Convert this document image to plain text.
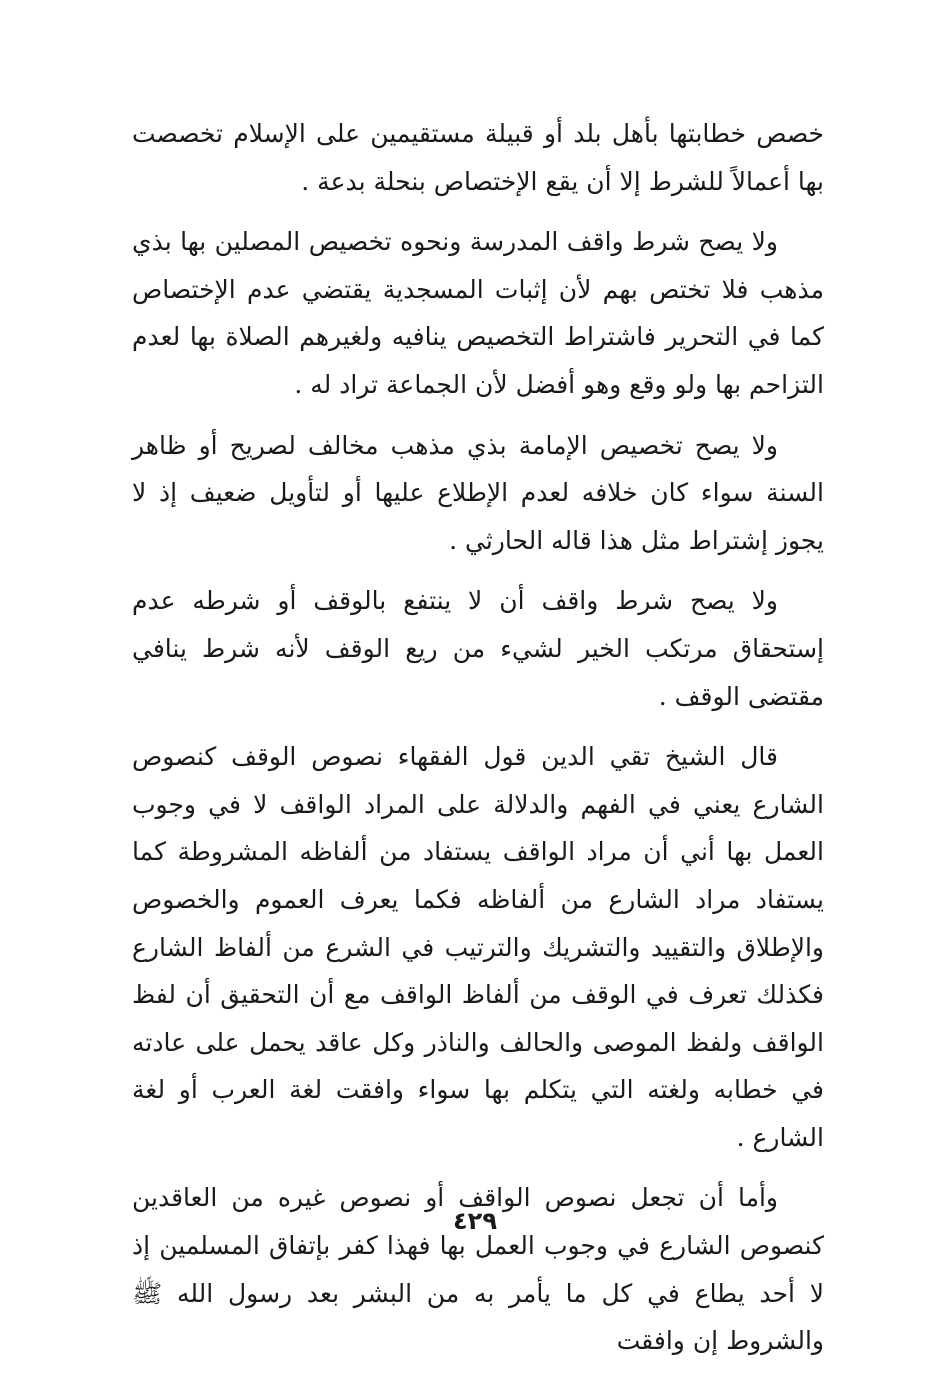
خصص خطابتها بأهل بلد أو قبيلة مستقيمين على الإسلام تخصصت بها أعمالاً للشرط إلا أن يقع الإختصاص بنحلة بدعة .

ولا يصح شرط واقف المدرسة ونحوه تخصيص المصلين بها بذي مذهب فلا تختص بهم لأن إثبات المسجدية يقتضي عدم الإختصاص كما في التحرير فاشتراط التخصيص ينافيه ولغيرهم الصلاة بها لعدم التزاحم بها ولو وقع وهو أفضل لأن الجماعة تراد له .

ولا يصح تخصيص الإمامة بذي مذهب مخالف لصريح أو ظاهر السنة سواء كان خلافه لعدم الإطلاع عليها أو لتأويل ضعيف إذ لا يجوز إشتراط مثل هذا قاله الحارثي .

ولا يصح شرط واقف أن لا ينتفع بالوقف أو شرطه عدم إستحقاق مرتكب الخير لشيء من ريع الوقف لأنه شرط ينافي مقتضى الوقف .

قال الشيخ تقي الدين قول الفقهاء نصوص الوقف كنصوص الشارع يعني في الفهم والدلالة على المراد الواقف لا في وجوب العمل بها أني أن مراد الواقف يستفاد من ألفاظه المشروطة كما يستفاد مراد الشارع من ألفاظه فكما يعرف العموم والخصوص والإطلاق والتقييد والتشريك والترتيب في الشرع من ألفاظ الشارع فكذلك تعرف في الوقف من ألفاظ الواقف مع أن التحقيق أن لفظ الواقف ولفظ الموصى والحالف والناذر وكل عاقد يحمل على عادته في خطابه ولغته التي يتكلم بها سواء وافقت لغة العرب أو لغة الشارع .

وأما أن تجعل نصوص الواقف أو نصوص غيره من العاقدين كنصوص الشارع في وجوب العمل بها فهذا كفر بإتفاق المسلمين إذ لا أحد يطاع في كل ما يأمر به من البشر بعد رسول الله ﷺ والشروط إن وافقت

٤٢٩
